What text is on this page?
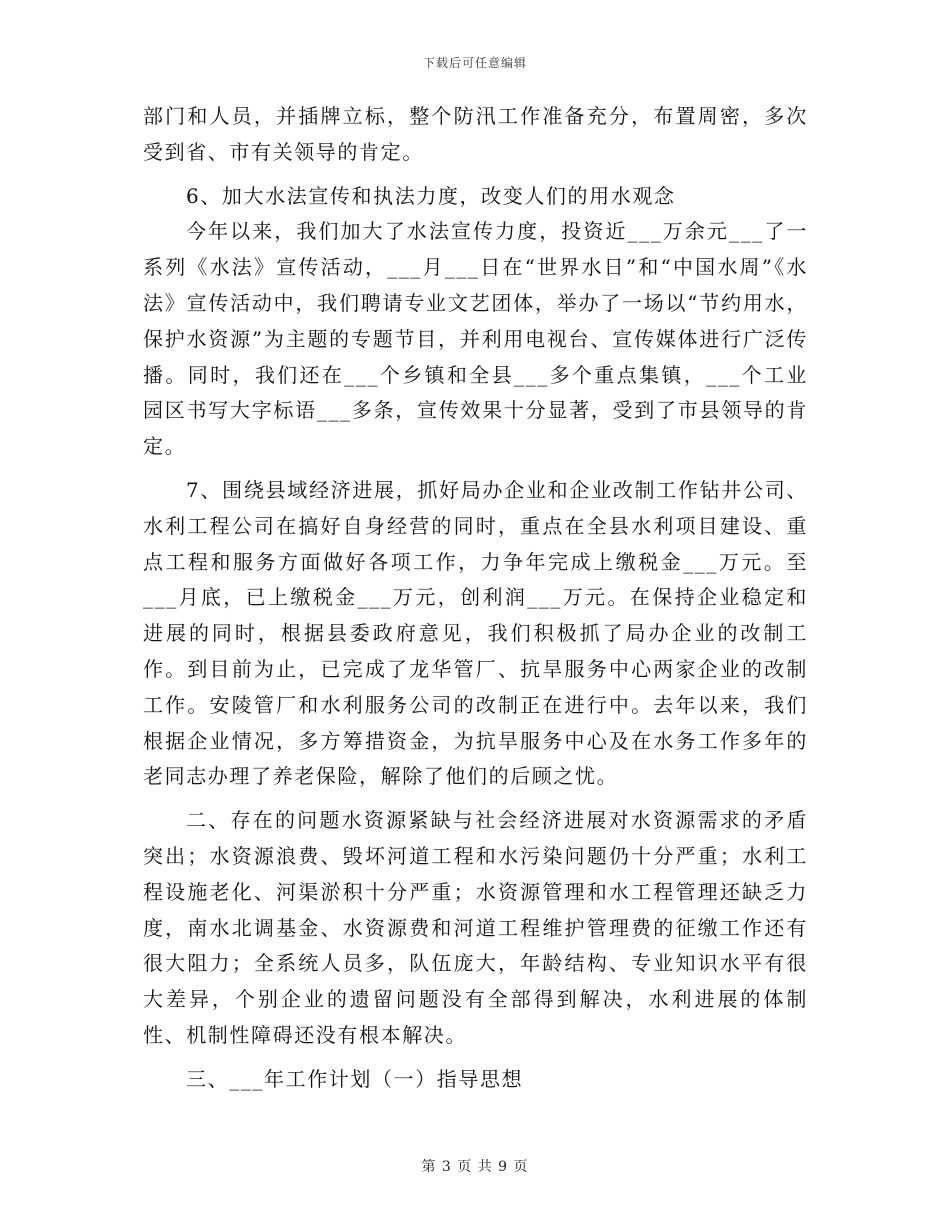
下载后可任意编辑

部门和人员，并插牌立标，整个防汛工作准备充分，布置周密，多次受到省、市有关领导的肯定。

6、加大水法宣传和执法力度，改变人们的用水观念

今年以来，我们加大了水法宣传力度，投资近___万余元___了一系列《水法》宣传活动，___月___日在“世界水日”和“中国水周”《水法》宣传活动中，我们聘请专业文艺团体，举办了一场以“节约用水，保护水资源”为主题的专题节目，并利用电视台、宣传媒体进行广泛传播。同时，我们还在___个乡镇和全县___多个重点集镇，___个工业园区书写大字标语___多条，宣传效果十分显著，受到了市县领导的肯定。

7、围绕县域经济进展，抓好局办企业和企业改制工作钻井公司、水利工程公司在搞好自身经营的同时，重点在全县水利项目建设、重点工程和服务方面做好各项工作，力争年完成上缴税金___万元。至___月底，已上缴税金___万元，创利润___万元。在保持企业稳定和进展的同时，根据县委政府意见，我们积极抓了局办企业的改制工作。到目前为止，已完成了龙华管厂、抗旱服务中心两家企业的改制工作。安陵管厂和水利服务公司的改制正在进行中。去年以来，我们根据企业情况，多方筹措资金，为抗旱服务中心及在水务工作多年的老同志办理了养老保险，解除了他们的后顾之忧。

二、存在的问题水资源紧缺与社会经济进展对水资源需求的矛盾突出；水资源浪费、毁坏河道工程和水污染问题仍十分严重；水利工程设施老化、河渠淤积十分严重；水资源管理和水工程管理还缺乏力度，南水北调基金、水资源费和河道工程维护管理费的征缴工作还有很大阻力；全系统人员多，队伍庞大，年龄结构、专业知识水平有很大差异，个别企业的遗留问题没有全部得到解决，水利进展的体制性、机制性障碍还没有根本解决。

三、___年工作计划（一）指导思想

第 3 页 共 9 页
